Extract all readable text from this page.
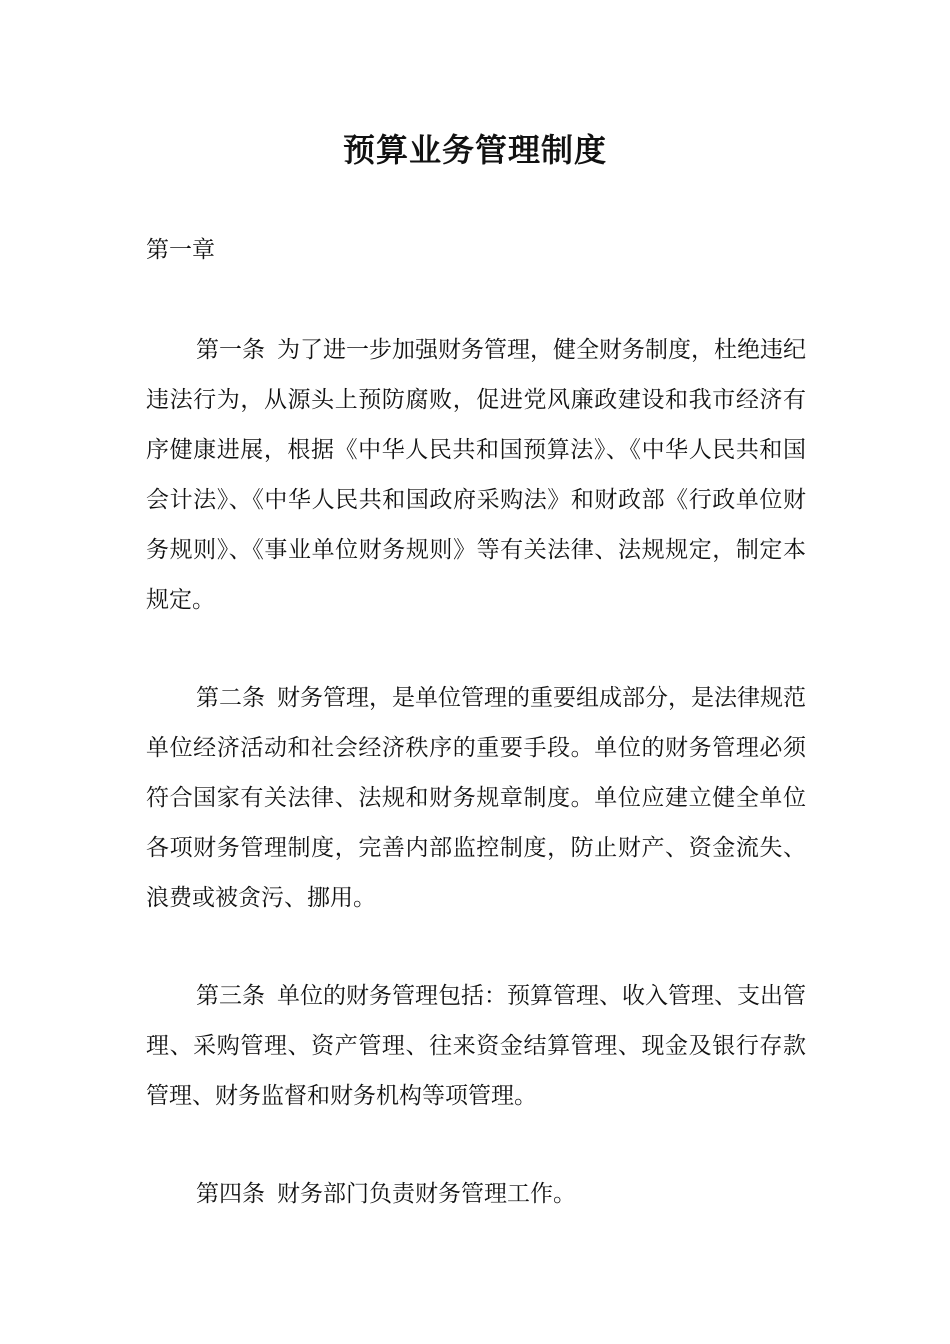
预算业务管理制度
第一章

第一条 为了进一步加强财务管理，健全财务制度，杜绝违纪违法行为，从源头上预防腐败，促进党风廉政建设和我市经济有序健康进展，根据《中华人民共和国预算法》、《中华人民共和国会计法》、《中华人民共和国政府采购法》和财政部《行政单位财务规则》、《事业单位财务规则》等有关法律、法规规定，制定本规定。

第二条 财务管理，是单位管理的重要组成部分，是法律规范单位经济活动和社会经济秩序的重要手段。单位的财务管理必须符合国家有关法律、法规和财务规章制度。单位应建立健全单位各项财务管理制度，完善内部监控制度，防止财产、资金流失、浪费或被贪污、挪用。

第三条 单位的财务管理包括：预算管理、收入管理、支出管理、采购管理、资产管理、往来资金结算管理、现金及银行存款管理、财务监督和财务机构等项管理。

第四条 财务部门负责财务管理工作。
